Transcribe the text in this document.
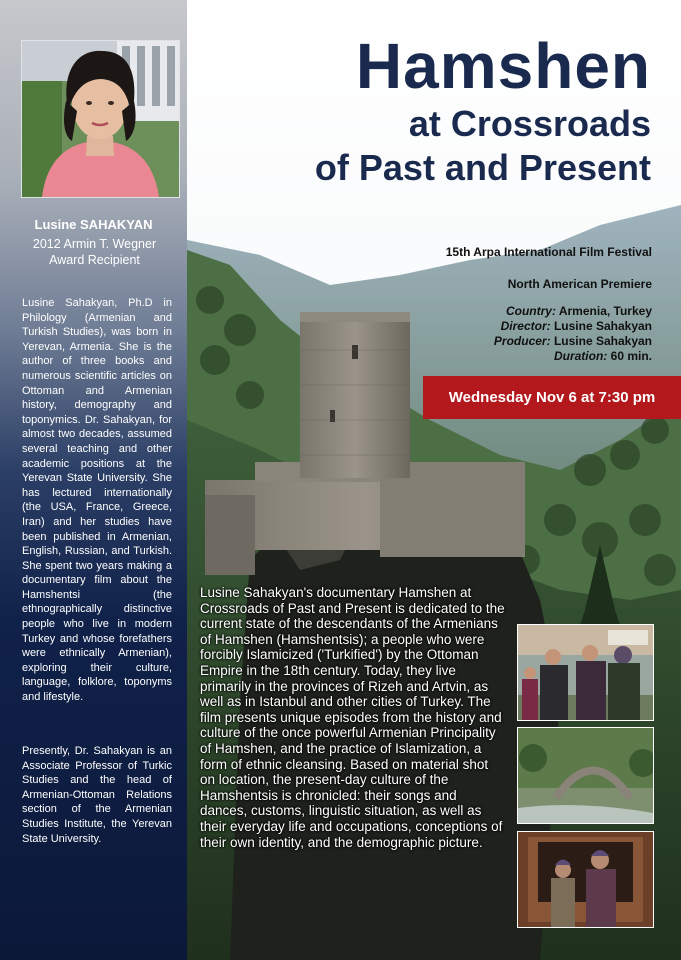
Lusine SAHAKYAN
2012 Armin T. Wegner
Award Recipient

Lusine Sahakyan, Ph.D in Philology (Armenian and Turkish Studies), was born in Yerevan, Armenia. She is the author of three books and numerous scientific articles on Ottoman and Armenian history, demography and toponymics. Dr. Sahakyan, for almost two decades, assumed several teaching and other academic positions at the Yerevan State University. She has lectured internationally (the USA, France, Greece, Iran) and her studies have been published in Armenian, English, Russian, and Turkish. She spent two years making a documentary film about the Hamshentsi (the ethnographically distinctive people who live in modern Turkey and whose forefathers were ethnically Armenian), exploring their culture, language, folklore, toponyms and lifestyle.

Presently, Dr. Sahakyan is an Associate Professor of Turkic Studies and the head of Armenian-Ottoman Relations section of the Armenian Studies Institute, the Yerevan State University.

Hamshen
at Crossroads
of Past and Present
15th Arpa International Film Festival
North American Premiere
Country: Armenia, Turkey
Director: Lusine Sahakyan
Producer: Lusine Sahakyan
Duration: 60 min.
Wednesday Nov 6 at 7:30 pm

Lusine Sahakyan's documentary Hamshen at Crossroads of Past and Present is dedicated to the current state of the descendants of the Armenians of Hamshen (Hamshentsis); a people who were forcibly Islamicized ('Turkified') by the Ottoman Empire in the 18th century. Today, they live primarily in the provinces of Rizeh and Artvin, as well as in Istanbul and other cities of Turkey. The film presents unique episodes from the history and culture of the once powerful Armenian Principality of Hamshen, and the practice of Islamization, a form of ethnic cleansing. Based on material shot on location, the present-day culture of the Hamshentsis is chronicled: their songs and dances, customs, linguistic situation, as well as their everyday life and occupations, conceptions of their own identity, and the demographic picture.
